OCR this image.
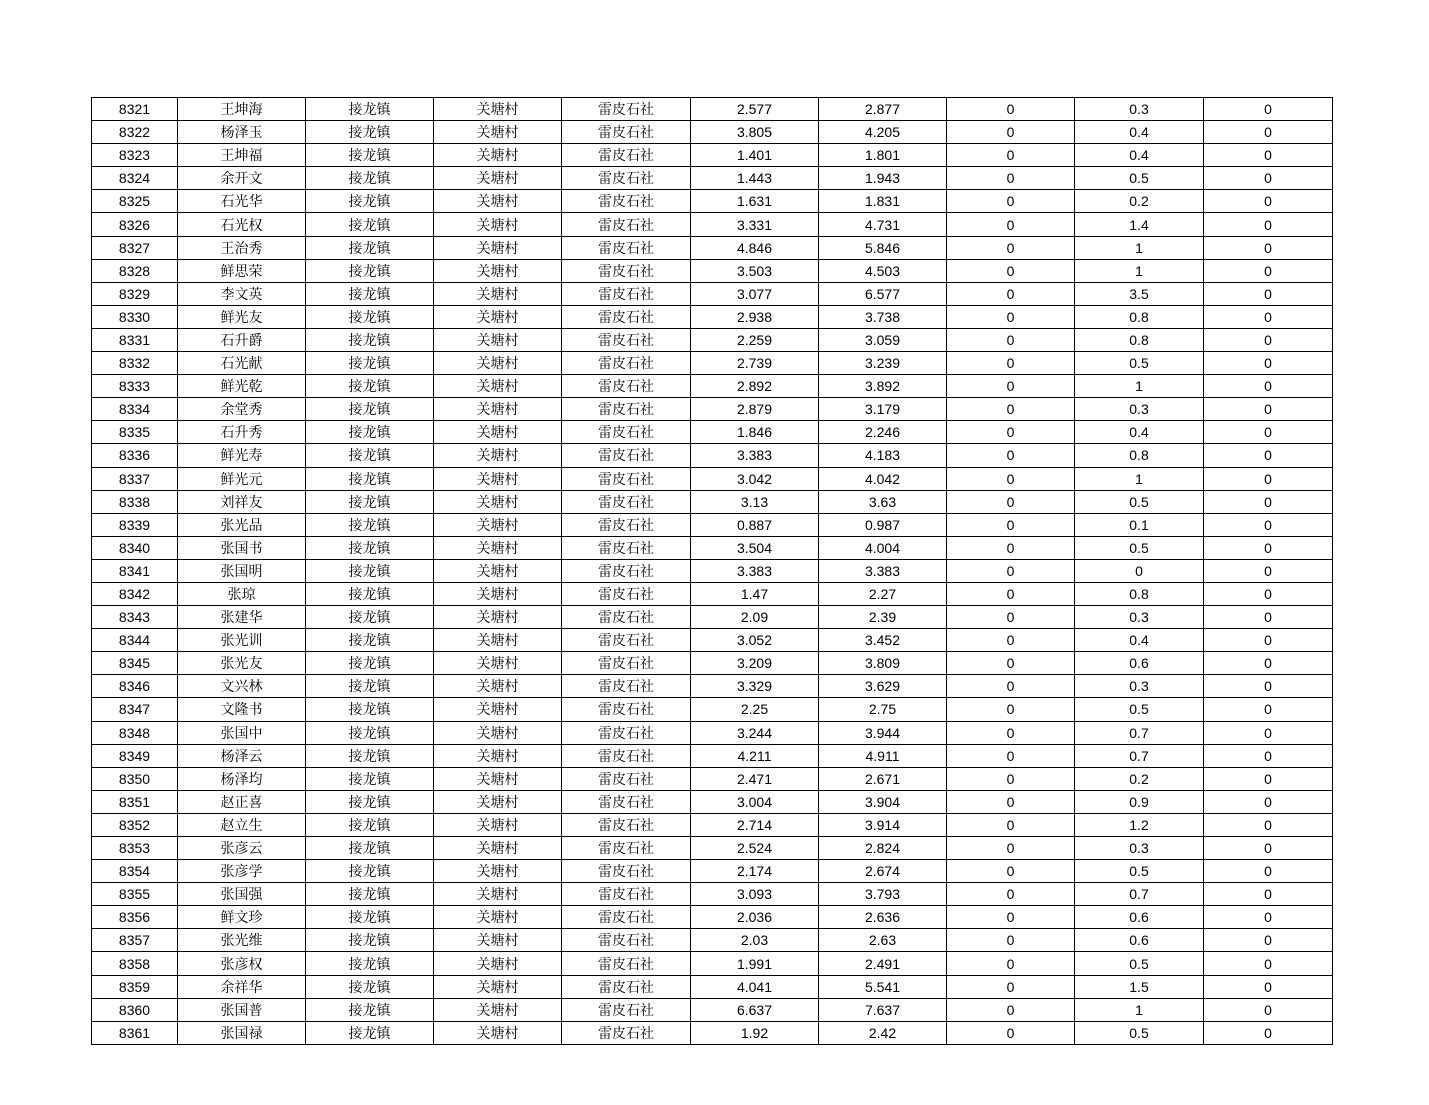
8321	王坤海	接龙镇	关塘村	雷皮石社	2.577	2.877	0	0.3	0
8322	杨泽玉	接龙镇	关塘村	雷皮石社	3.805	4.205	0	0.4	0
8323	王坤福	接龙镇	关塘村	雷皮石社	1.401	1.801	0	0.4	0
8324	余开文	接龙镇	关塘村	雷皮石社	1.443	1.943	0	0.5	0
8325	石光华	接龙镇	关塘村	雷皮石社	1.631	1.831	0	0.2	0
8326	石光权	接龙镇	关塘村	雷皮石社	3.331	4.731	0	1.4	0
8327	王治秀	接龙镇	关塘村	雷皮石社	4.846	5.846	0	1	0
8328	鲜思荣	接龙镇	关塘村	雷皮石社	3.503	4.503	0	1	0
8329	李文英	接龙镇	关塘村	雷皮石社	3.077	6.577	0	3.5	0
8330	鲜光友	接龙镇	关塘村	雷皮石社	2.938	3.738	0	0.8	0
8331	石升爵	接龙镇	关塘村	雷皮石社	2.259	3.059	0	0.8	0
8332	石光献	接龙镇	关塘村	雷皮石社	2.739	3.239	0	0.5	0
8333	鲜光乾	接龙镇	关塘村	雷皮石社	2.892	3.892	0	1	0
8334	余堂秀	接龙镇	关塘村	雷皮石社	2.879	3.179	0	0.3	0
8335	石升秀	接龙镇	关塘村	雷皮石社	1.846	2.246	0	0.4	0
8336	鲜光寿	接龙镇	关塘村	雷皮石社	3.383	4.183	0	0.8	0
8337	鲜光元	接龙镇	关塘村	雷皮石社	3.042	4.042	0	1	0
8338	刘祥友	接龙镇	关塘村	雷皮石社	3.13	3.63	0	0.5	0
8339	张光品	接龙镇	关塘村	雷皮石社	0.887	0.987	0	0.1	0
8340	张国书	接龙镇	关塘村	雷皮石社	3.504	4.004	0	0.5	0
8341	张国明	接龙镇	关塘村	雷皮石社	3.383	3.383	0	0	0
8342	张琼	接龙镇	关塘村	雷皮石社	1.47	2.27	0	0.8	0
8343	张建华	接龙镇	关塘村	雷皮石社	2.09	2.39	0	0.3	0
8344	张光训	接龙镇	关塘村	雷皮石社	3.052	3.452	0	0.4	0
8345	张光友	接龙镇	关塘村	雷皮石社	3.209	3.809	0	0.6	0
8346	文兴林	接龙镇	关塘村	雷皮石社	3.329	3.629	0	0.3	0
8347	文隆书	接龙镇	关塘村	雷皮石社	2.25	2.75	0	0.5	0
8348	张国中	接龙镇	关塘村	雷皮石社	3.244	3.944	0	0.7	0
8349	杨泽云	接龙镇	关塘村	雷皮石社	4.211	4.911	0	0.7	0
8350	杨泽均	接龙镇	关塘村	雷皮石社	2.471	2.671	0	0.2	0
8351	赵正喜	接龙镇	关塘村	雷皮石社	3.004	3.904	0	0.9	0
8352	赵立生	接龙镇	关塘村	雷皮石社	2.714	3.914	0	1.2	0
8353	张彦云	接龙镇	关塘村	雷皮石社	2.524	2.824	0	0.3	0
8354	张彦学	接龙镇	关塘村	雷皮石社	2.174	2.674	0	0.5	0
8355	张国强	接龙镇	关塘村	雷皮石社	3.093	3.793	0	0.7	0
8356	鲜文珍	接龙镇	关塘村	雷皮石社	2.036	2.636	0	0.6	0
8357	张光维	接龙镇	关塘村	雷皮石社	2.03	2.63	0	0.6	0
8358	张彦权	接龙镇	关塘村	雷皮石社	1.991	2.491	0	0.5	0
8359	余祥华	接龙镇	关塘村	雷皮石社	4.041	5.541	0	1.5	0
8360	张国普	接龙镇	关塘村	雷皮石社	6.637	7.637	0	1	0
8361	张国禄	接龙镇	关塘村	雷皮石社	1.92	2.42	0	0.5	0
